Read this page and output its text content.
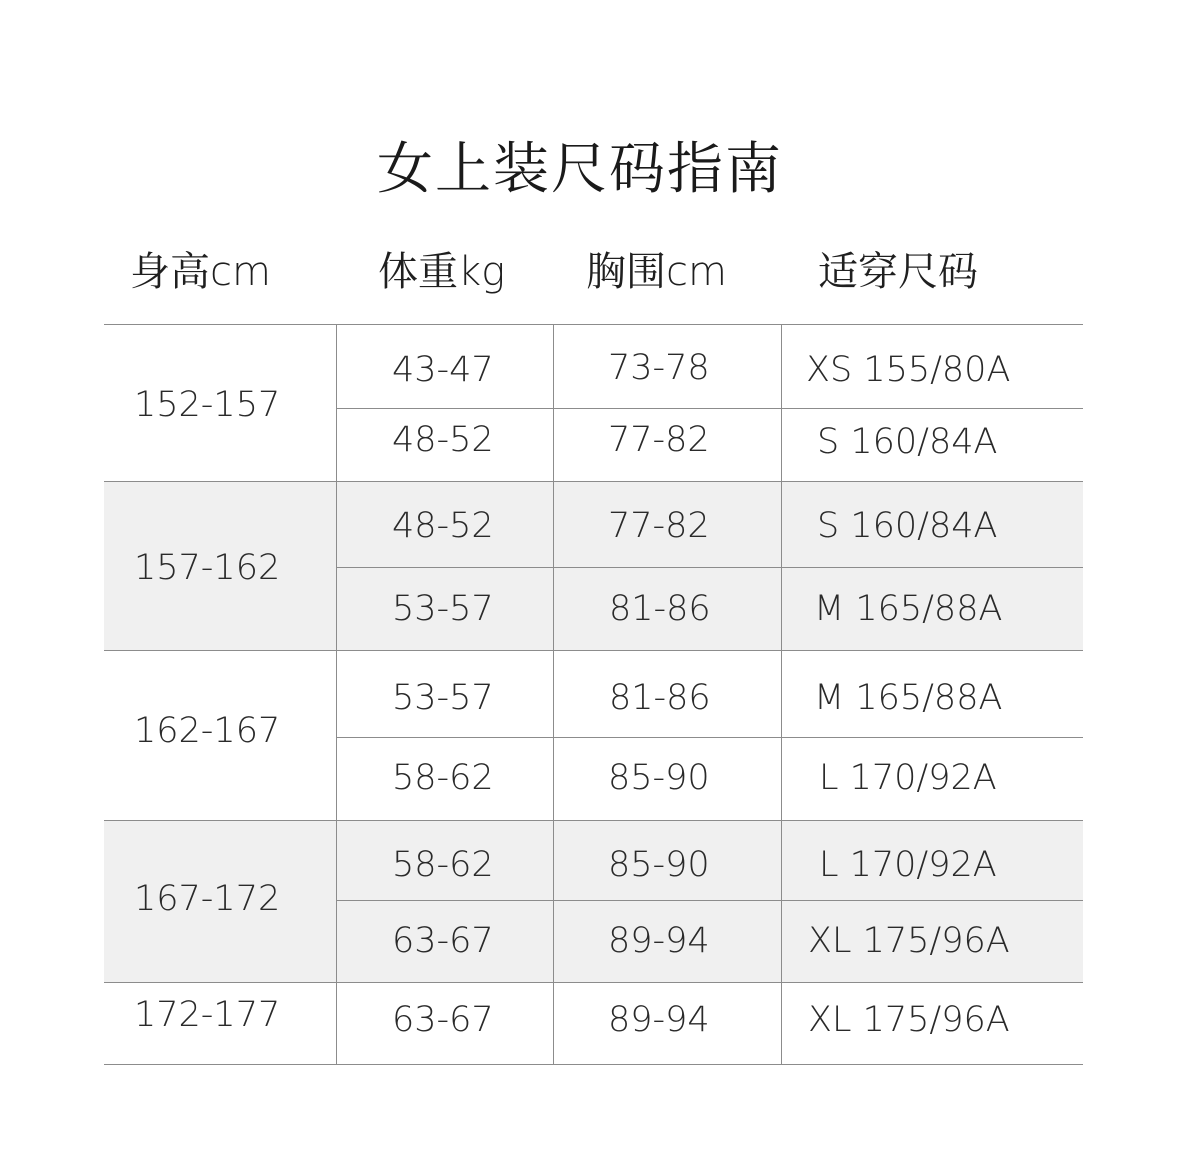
女上装尺码指南
身高cm	体重kg 胸围cm 适穿尺码
152-157
43-47	73-78	XS 155/80A
48-52	77-82	S 160/84A
157-162
48-52	77-82	S 160/84A
53-57	81-86	M 165/88A
162-167
53-57	81-86	M 165/88A
58-62	85-90	L 170/92A
167-172
58-62	85-90	L 170/92A
63-67	89-94	XL 175/96A
172-177	63-67	89-94	XL 175/96A
